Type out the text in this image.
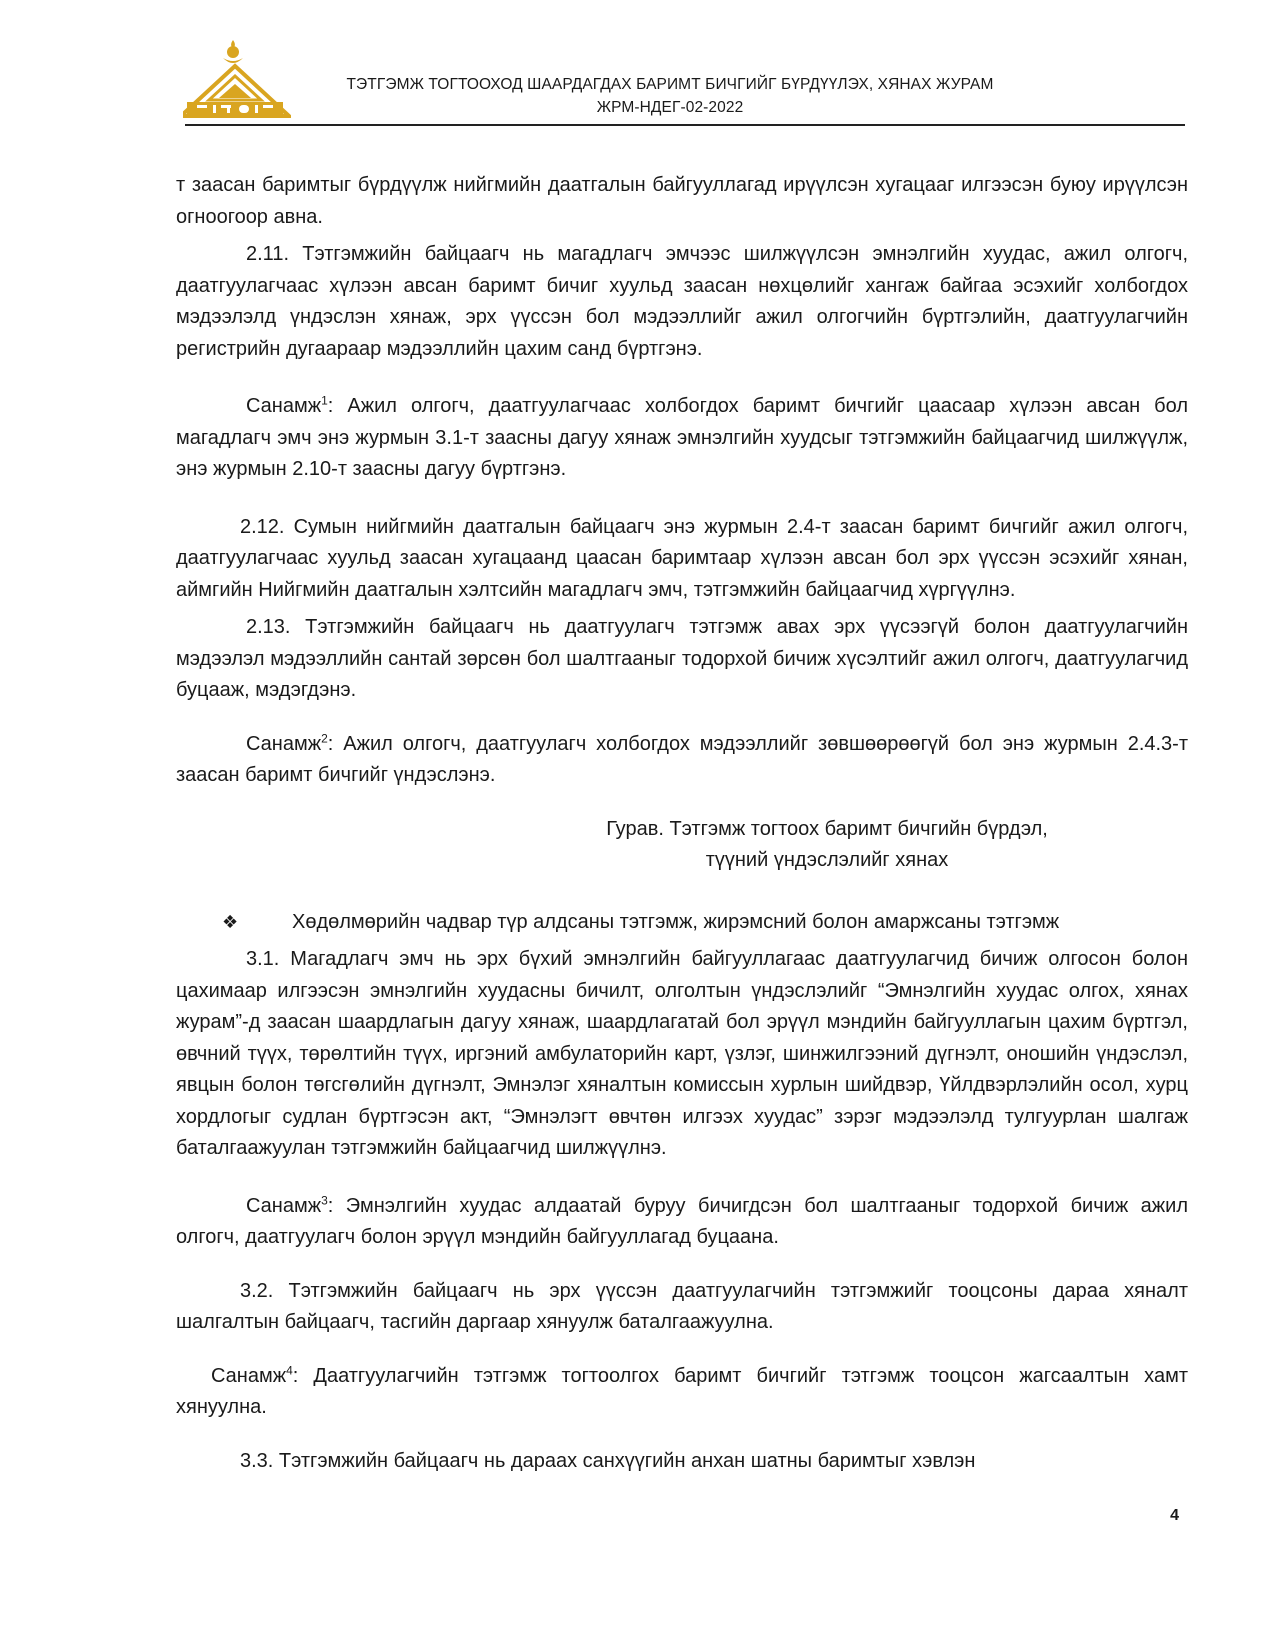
ТЭТГЭМЖ ТОГТООХОД ШААРДАГДАХ БАРИМТ БИЧГИЙГ БҮРДҮҮЛЭХ, ХЯНАХ ЖУРАМ
ЖРМ-НДЕГ-02-2022

т заасан баримтыг бүрдүүлж нийгмийн даатгалын байгууллагад ирүүлсэн хугацааг илгээсэн буюу ирүүлсэн огноогоор авна.

2.11. Тэтгэмжийн байцаагч нь магадлагч эмчээс шилжүүлсэн эмнэлгийн хуудас, ажил олгогч, даатгуулагчаас хүлээн авсан баримт бичиг хуульд заасан нөхцөлийг хангаж байгаа эсэхийг холбогдох мэдээлэлд үндэслэн хянаж, эрх үүссэн бол мэдээллийг ажил олгогчийн бүртгэлийн, даатгуулагчийн регистрийн дугаараар мэдээллийн цахим санд бүртгэнэ.

Санамж$^1$: Ажил олгогч, даатгуулагчаас холбогдох баримт бичгийг цаасаар хүлээн авсан бол магадлагч эмч энэ журмын 3.1-т заасны дагуу хянаж эмнэлгийн хуудсыг тэтгэмжийн байцаагчид шилжүүлж, энэ журмын 2.10-т заасны дагуу бүртгэнэ.

2.12. Сумын нийгмийн даатгалын байцаагч энэ журмын 2.4-т заасан баримт бичгийг ажил олгогч, даатгуулагчаас хуульд заасан хугацаанд цаасан баримтаар хүлээн авсан бол эрх үүссэн эсэхийг хянан, аймгийн Нийгмийн даатгалын хэлтсийн магадлагч эмч, тэтгэмжийн байцаагчид хүргүүлнэ.

2.13. Тэтгэмжийн байцаагч нь даатгуулагч тэтгэмж авах эрх үүсээгүй болон даатгуулагчийн мэдээлэл мэдээллийн сантай зөрсөн бол шалтгааныг тодорхой бичиж хүсэлтийг ажил олгогч, даатгуулагчид буцааж, мэдэгдэнэ.

Санамж$^2$: Ажил олгогч, даатгуулагч холбогдох мэдээллийг зөвшөөрөөгүй бол энэ журмын 2.4.3-т заасан баримт бичгийг үндэслэнэ.

Гурав. Тэтгэмж тогтоох баримт бичгийн бүрдэл,
түүний үндэслэлийг хянах
❖	Хөдөлмөрийн чадвар түр алдсаны тэтгэмж, жирэмсний болон амаржсаны тэтгэмж

3.1. Магадлагч эмч нь эрх бүхий эмнэлгийн байгууллагаас даатгуулагчид бичиж олгосон болон цахимаар илгээсэн эмнэлгийн хуудасны бичилт, олголтын үндэслэлийг “Эмнэлгийн хуудас олгох, хянах журам”-д заасан шаардлагын дагуу хянаж, шаардлагатай бол эрүүл мэндийн байгууллагын цахим бүртгэл, өвчний түүх, төрөлтийн түүх, иргэний амбулаторийн карт, үзлэг, шинжилгээний дүгнэлт, оношийн үндэслэл, явцын болон төгсгөлийн дүгнэлт, Эмнэлэг хяналтын комиссын хурлын шийдвэр, Үйлдвэрлэлийн осол, хурц хордлогыг судлан бүртгэсэн акт, “Эмнэлэгт өвчтөн илгээх хуудас” зэрэг мэдээлэлд тулгуурлан шалгаж баталгаажуулан тэтгэмжийн байцаагчид шилжүүлнэ.

Санамж$^3$: Эмнэлгийн хуудас алдаатай буруу бичигдсэн бол шалтгааныг тодорхой бичиж ажил олгогч, даатгуулагч болон эрүүл мэндийн байгууллагад буцаана.

3.2. Тэтгэмжийн байцаагч нь эрх үүссэн даатгуулагчийн тэтгэмжийг тооцсоны дараа хяналт шалгалтын байцаагч, тасгийн даргаар хянуулж баталгаажуулна.

Санамж$^4$: Даатгуулагчийн тэтгэмж тогтоолгох баримт бичгийг тэтгэмж тооцсон жагсаалтын хамт хянуулна.

3.3. Тэтгэмжийн байцаагч нь дараах санхүүгийн анхан шатны баримтыг хэвлэн

4
